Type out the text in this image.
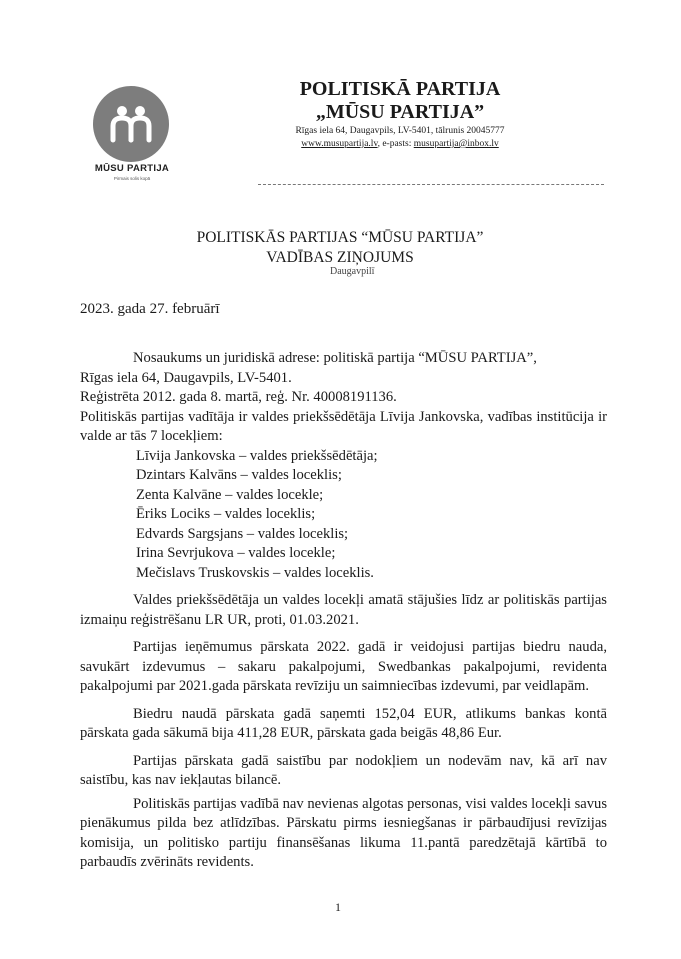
MŪSU PARTIJA
Pirmais solis kopā
POLITISKĀ PARTIJA
„MŪSU PARTIJA”
Rīgas iela 64, Daugavpils, LV-5401, tālrunis 20045777
www.musupartija.lv, e-pasts: musupartija@inbox.lv
POLITISKĀS PARTIJAS “MŪSU PARTIJA”
VADĪBAS ZIŅOJUMS
Daugavpilī
2023. gada 27. februārī

Nosaukums un juridiskā adrese: politiskā partija “MŪSU PARTIJA”,

Rīgas iela 64, Daugavpils, LV-5401.

Reģistrēta 2012. gada 8. martā, reģ. Nr. 40008191136.

Politiskās partijas vadītāja ir valdes priekšsēdētāja Līvija Jankovska, vadības institūcija ir valde ar tās 7 locekļiem:

Līvija Jankovska – valdes priekšsēdētāja;

Dzintars Kalvāns – valdes loceklis;

Zenta Kalvāne – valdes locekle;

Ēriks Lociks – valdes loceklis;

Edvards Sargsjans – valdes loceklis;

Irina Sevrjukova – valdes locekle;

Mečislavs Truskovskis – valdes loceklis.

Valdes priekšsēdētāja un valdes locekļi amatā stājušies līdz ar politiskās partijas izmaiņu reģistrēšanu LR UR, proti, 01.03.2021.

Partijas ieņēmumus pārskata 2022. gadā ir veidojusi partijas biedru nauda, savukārt izdevumus – sakaru pakalpojumi, Swedbankas pakalpojumi, revidenta pakalpojumi par 2021.gada pārskata revīziju un saimniecības izdevumi, par veidlapām.

Biedru naudā pārskata gadā saņemti 152,04 EUR, atlikums bankas kontā pārskata gada sākumā bija 411,28 EUR, pārskata gada beigās 48,86 Eur.

Partijas pārskata gadā saistību par nodokļiem un nodevām nav, kā arī nav saistību, kas nav iekļautas bilancē.

Politiskās partijas vadībā nav nevienas algotas personas, visi valdes locekļi savus pienākumus pilda bez atlīdzības. Pārskatu pirms iesniegšanas ir pārbaudījusi revīzijas komisija, un politisko partiju finansēšanas likuma 11.pantā paredzētajā kārtībā to parbaudīs zvērināts revidents.

1
